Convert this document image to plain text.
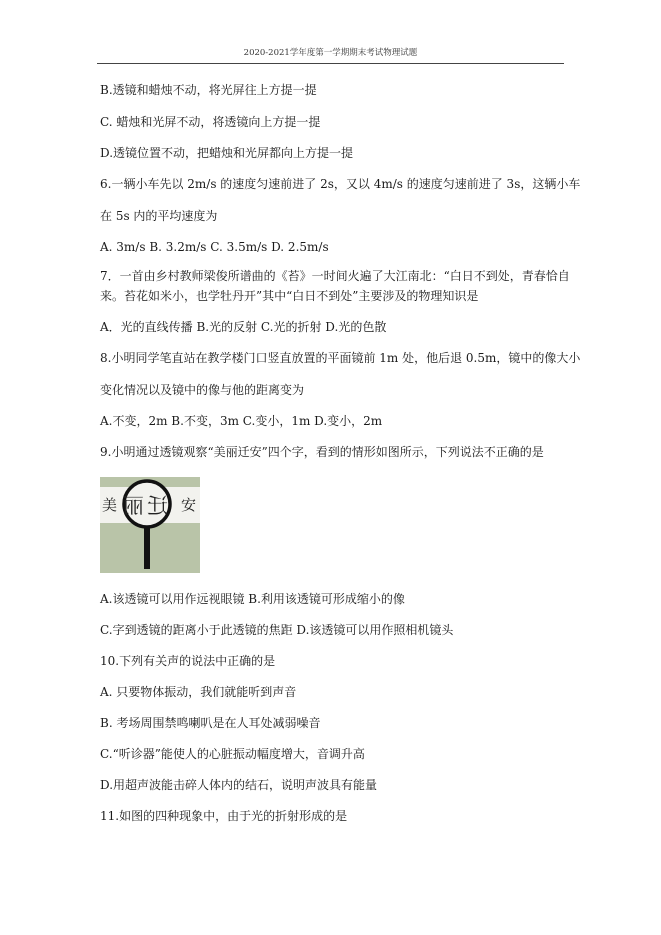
2020-2021学年度第一学期期末考试物理试题
B.透镜和蜡烛不动，将光屏往上方提一提
C. 蜡烛和光屏不动，将透镜向上方提一提
D.透镜位置不动，把蜡烛和光屏都向上方提一提
6.一辆小车先以 2m/s 的速度匀速前进了 2s，又以 4m/s 的速度匀速前进了 3s，这辆小车
在 5s 内的平均速度为
A. 3m/s B. 3.2m/s C. 3.5m/s D. 2.5m/s
7．一首由乡村教师梁俊所谱曲的《苔》一时间火遍了大江南北：“白日不到处，青春恰自
来。苔花如米小，也学牡丹开”其中“白日不到处”主要涉及的物理知识是
A．光的直线传播 B.光的反射 C.光的折射 D.光的色散
8.小明同学笔直站在教学楼门口竖直放置的平面镜前 1m 处，他后退 0.5m，镜中的像大小
变化情况以及镜中的像与他的距离变为
A.不变，2m B.不变，3m C.变小，1m D.变小，2m
9.小明通过透镜观察“美丽迁安”四个字，看到的情形如图所示，下列说法不正确的是
美	安
丽 迁
A.该透镜可以用作远视眼镜 B.利用该透镜可形成缩小的像
C.字到透镜的距离小于此透镜的焦距 D.该透镜可以用作照相机镜头
10.下列有关声的说法中正确的是
A. 只要物体振动，我们就能听到声音
B. 考场周围禁鸣喇叭是在人耳处减弱噪音
C.“听诊器”能使人的心脏振动幅度增大，音调升高
D.用超声波能击碎人体内的结石，说明声波具有能量
11.如图的四种现象中，由于光的折射形成的是
